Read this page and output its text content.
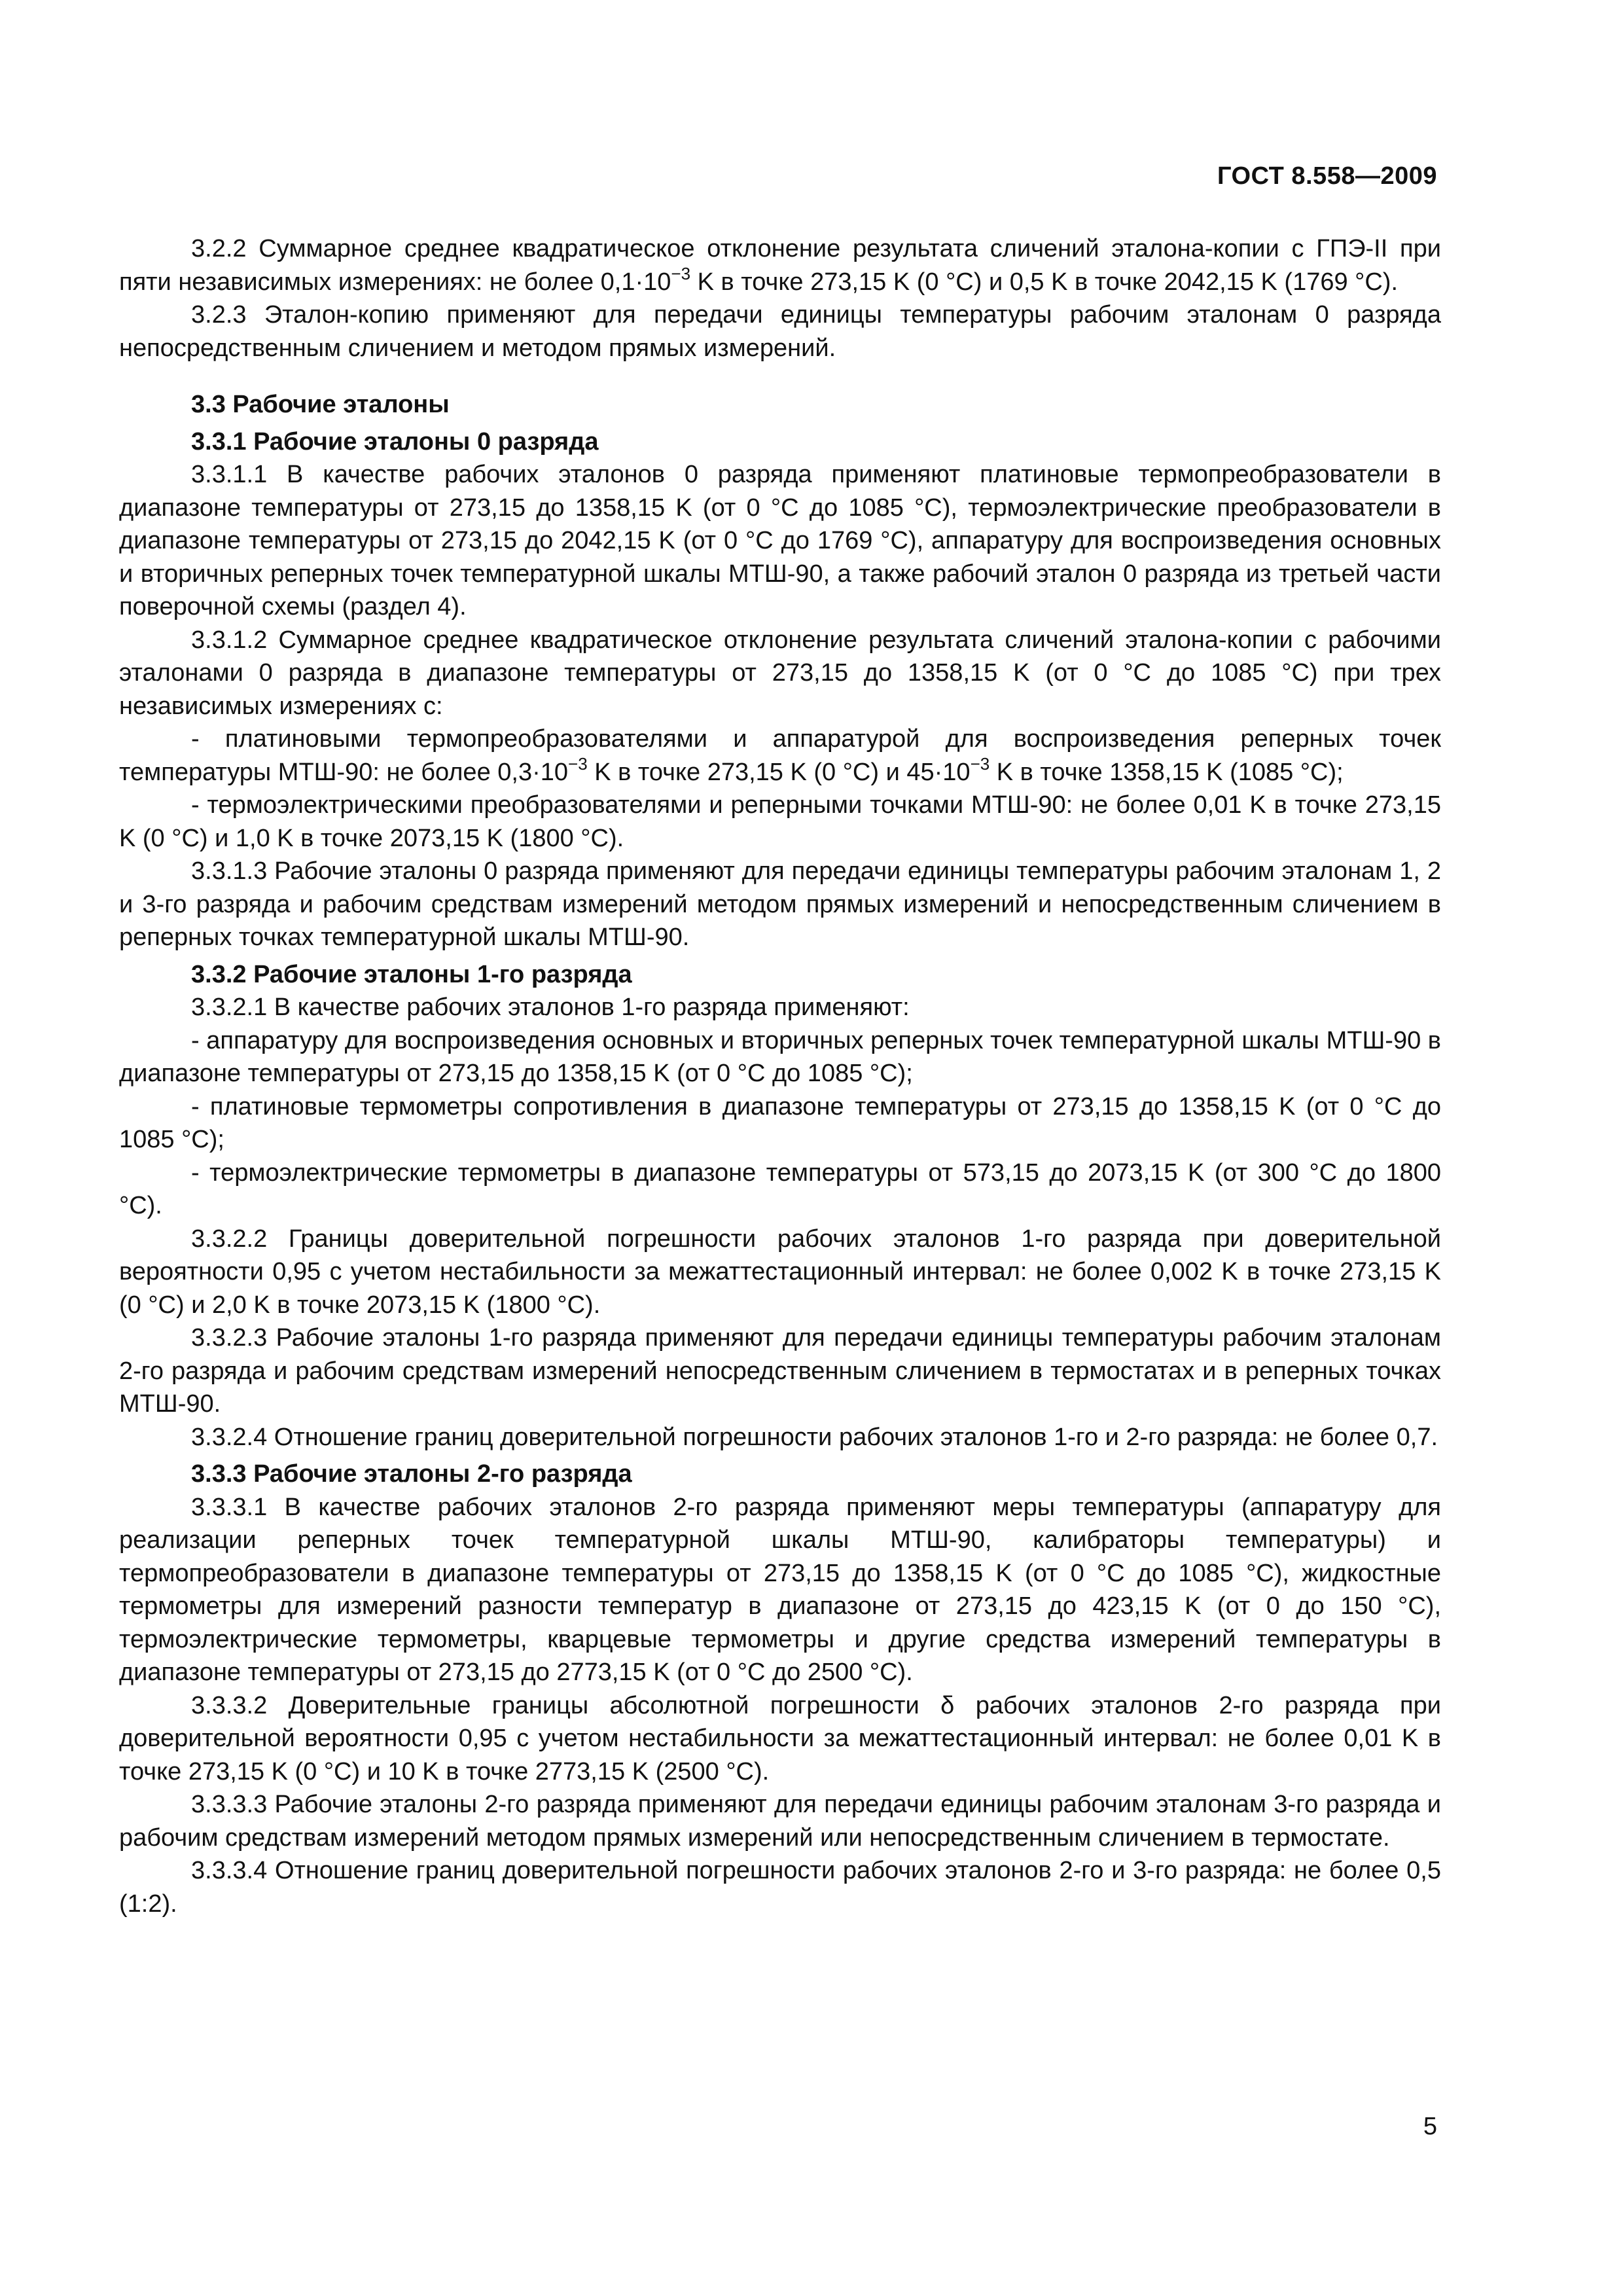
ГОСТ 8.558—2009

3.2.2 Суммарное среднее квадратическое отклонение результата сличений эталона-копии с ГПЭ-II при пяти независимых измерениях: не более $0,1\cdot 10^{-3}$ K в точке 273,15 K (0 °C) и 0,5 K в точке 2042,15 K (1769 °C).

3.2.3 Эталон-копию применяют для передачи единицы температуры рабочим эталонам 0 разряда непосредственным сличением и методом прямых измерений.

3.3 Рабочие эталоны

3.3.1 Рабочие эталоны 0 разряда

3.3.1.1 В качестве рабочих эталонов 0 разряда применяют платиновые термопреобразователи в диапазоне температуры от 273,15 до 1358,15 K (от 0 °C до 1085 °C), термоэлектрические преобразователи в диапазоне температуры от 273,15 до 2042,15 K (от 0 °C до 1769 °C), аппаратуру для воспроизведения основных и вторичных реперных точек температурной шкалы МТШ-90, а также рабочий эталон 0 разряда из третьей части поверочной схемы (раздел 4).

3.3.1.2 Суммарное среднее квадратическое отклонение результата сличений эталона-копии с рабочими эталонами 0 разряда в диапазоне температуры от 273,15 до 1358,15 K (от 0 °C до 1085 °C) при трех независимых измерениях с:

- платиновыми термопреобразователями и аппаратурой для воспроизведения реперных точек температуры МТШ-90: не более $0,3\cdot 10^{-3}$ K в точке 273,15 K (0 °C) и $45\cdot 10^{-3}$ K в точке 1358,15 K (1085 °C);

- термоэлектрическими преобразователями и реперными точками МТШ-90: не более 0,01 K в точке 273,15 K (0 °C) и 1,0 K в точке 2073,15 K (1800 °C).

3.3.1.3 Рабочие эталоны 0 разряда применяют для передачи единицы температуры рабочим эталонам 1, 2 и 3-го разряда и рабочим средствам измерений методом прямых измерений и непосредственным сличением в реперных точках температурной шкалы МТШ-90.

3.3.2 Рабочие эталоны 1-го разряда

3.3.2.1 В качестве рабочих эталонов 1-го разряда применяют:

- аппаратуру для воспроизведения основных и вторичных реперных точек температурной шкалы МТШ-90 в диапазоне температуры от 273,15 до 1358,15 K (от 0 °C до 1085 °C);

- платиновые термометры сопротивления в диапазоне температуры от 273,15 до 1358,15 K (от 0 °C до 1085 °C);

- термоэлектрические термометры в диапазоне температуры от 573,15 до 2073,15 K (от 300 °C до 1800 °C).

3.3.2.2 Границы доверительной погрешности рабочих эталонов 1-го разряда при доверительной вероятности 0,95 с учетом нестабильности за межаттестационный интервал: не более 0,002 K в точке 273,15 K (0 °C) и 2,0 K в точке 2073,15 K (1800 °C).

3.3.2.3 Рабочие эталоны 1-го разряда применяют для передачи единицы температуры рабочим эталонам 2-го разряда и рабочим средствам измерений непосредственным сличением в термостатах и в реперных точках МТШ-90.

3.3.2.4 Отношение границ доверительной погрешности рабочих эталонов 1-го и 2-го разряда: не более 0,7.

3.3.3 Рабочие эталоны 2-го разряда

3.3.3.1 В качестве рабочих эталонов 2-го разряда применяют меры температуры (аппаратуру для реализации реперных точек температурной шкалы МТШ-90, калибраторы температуры) и термопреобразователи в диапазоне температуры от 273,15 до 1358,15 K (от 0 °C до 1085 °C), жидкостные термометры для измерений разности температур в диапазоне от 273,15 до 423,15 K (от 0 до 150 °C), термоэлектрические термометры, кварцевые термометры и другие средства измерений температуры в диапазоне температуры от 273,15 до 2773,15 K (от 0 °C до 2500 °C).

3.3.3.2 Доверительные границы абсолютной погрешности δ рабочих эталонов 2-го разряда при доверительной вероятности 0,95 с учетом нестабильности за межаттестационный интервал: не более 0,01 K в точке 273,15 K (0 °C) и 10 K в точке 2773,15 K (2500 °C).

3.3.3.3 Рабочие эталоны 2-го разряда применяют для передачи единицы рабочим эталонам 3-го разряда и рабочим средствам измерений методом прямых измерений или непосредственным сличением в термостате.

3.3.3.4 Отношение границ доверительной погрешности рабочих эталонов 2-го и 3-го разряда: не более 0,5 (1:2).

5
